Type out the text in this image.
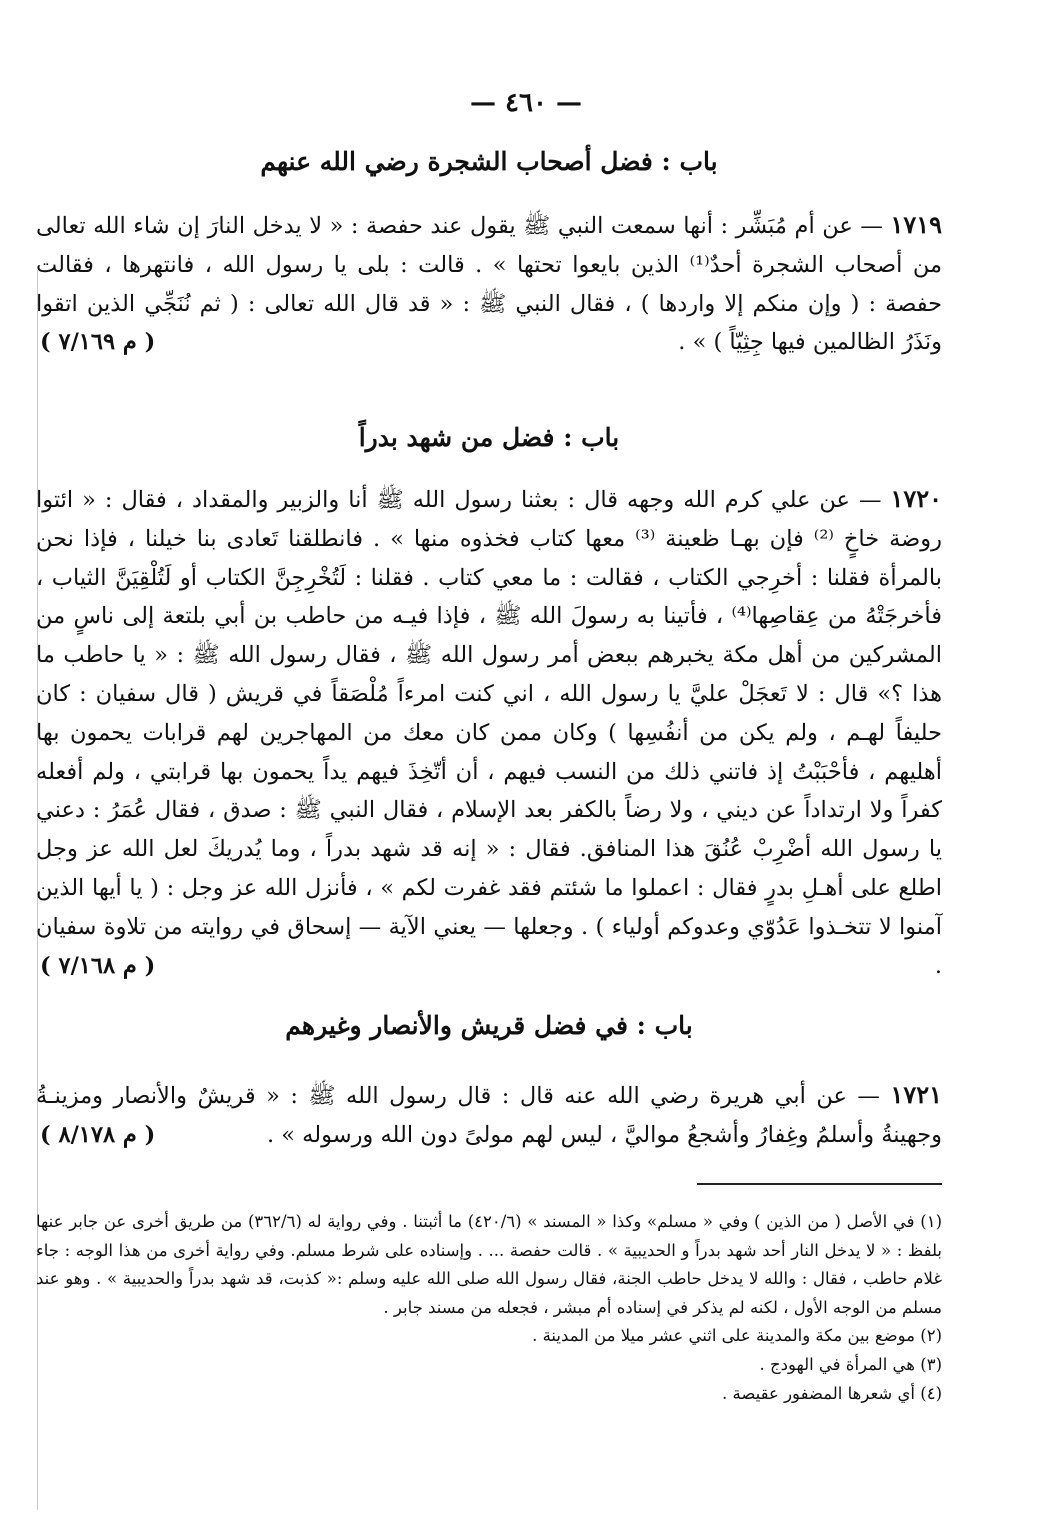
— ٤٦٠ —
باب : فضل أصحاب الشجرة رضي الله عنهم
١٧١٩ — عن أم مُبَشِّر : أنها سمعت النبي ﷺ يقول عند حفصة : « لا يدخل النارَ إن شاء الله تعالى من أصحاب الشجرة أحدٌ⁽¹⁾ الذين بايعوا تحتها » . قالت : بلى يا رسول الله ، فانتهرها ، فقالت حفصة : ( وإن منكم إلا واردها ) ، فقال النبي ﷺ : « قد قال الله تعالى : ( ثم نُنَجِّي الذين اتقوا ونَذَرُ الظالمين فيها جِثِيّاً ) » .
( م ٧/١٦٩ )
باب : فضل من شهد بدراً
١٧٢٠ — عن علي كرم الله وجهه قال : بعثنا رسول الله ﷺ أنا والزبير والمقداد ، فقال : « ائتوا روضة خاخٍ ⁽²⁾ فإن بهـا ظعينة ⁽³⁾ معها كتاب فخذوه منها » . فانطلقنا تَعادى بنا خيلنا ، فإذا نحن بالمرأة فقلنا : أخرِجي الكتاب ، فقالت : ما معي كتاب . فقلنا : لَتُخْرِجِنَّ الكتاب أو لَتُلْقِيَنَّ الثياب ، فأخرجَتْهُ من عِقاصِها⁽⁴⁾ ، فأتينا به رسولَ الله ﷺ ، فإذا فيـه من حاطب بن أبي بلتعة إلى ناسٍ من المشركين من أهل مكة يخبرهم ببعض أمر رسول الله ﷺ ، فقال رسول الله ﷺ : « يا حاطب ما هذا ؟» قال : لا تَعجَلْ عليَّ يا رسول الله ، اني كنت امرءاً مُلْصَقاً في قريش ( قال سفيان : كان حليفاً لهـم ، ولم يكن من أنفُسِها ) وكان ممن كان معك من المهاجرين لهم قرابات يحمون بها أهليهم ، فأحْبَبْتُ إذ فاتني ذلك من النسب فيهم ، أن أتّخِذَ فيهم يداً يحمون بها قرابتي ، ولم أفعله كفراً ولا ارتداداً عن ديني ، ولا رضاً بالكفر بعد الإسلام ، فقال النبي ﷺ : صدق ، فقال عُمَرُ : دعني يا رسول الله أضْرِبْ عُنُقَ هذا المنافق. فقال : « إنه قد شهد بدراً ، وما يُدريكَ لعل الله عز وجل اطلع على أهـلِ بدرٍ فقال : اعملوا ما شئتم فقد غفرت لكم » ، فأنزل الله عز وجل : ( يا أيها الذين آمنوا لا تتخـذوا عَدُوّي وعدوكم أولياء ) . وجعلها — يعني الآية — إسحاق في روايته من تلاوة سفيان .
( م ٧/١٦٨ )
باب : في فضل قريش والأنصار وغيرهم
١٧٢١ — عن أبي هريرة رضي الله عنه قال : قال رسول الله ﷺ : « قريشٌ والأنصار ومزينـةُ وجهينةُ وأسلمُ وغِفارُ وأشجعُ مواليَّ ، ليس لهم مولىً دون الله ورسوله » .
( م ٨/١٧٨ )

(١) في الأصل ( من الذين ) وفي « مسلم» وكذا « المسند » (٤٢٠/٦) ما أثبتنا . وفي رواية له (٣٦٢/٦) من طريق أخرى عن جابر عنها بلفظ : « لا يدخل النار أحد شهد بدراً و الحديبية » . قالت حفصة ... . وإسناده على شرط مسلم. وفي رواية أخرى من هذا الوجه : جاء غلام حاطب ، فقال : والله لا يدخل حاطب الجنة، فقال رسول الله صلى الله عليه وسلم :« كذبت، قد شهد بدراً والحديبية » . وهو عند مسلم من الوجه الأول ، لكنه لم يذكر في إسناده أم مبشر ، فجعله من مسند جابر .

(٢) موضع بين مكة والمدينة على اثني عشر ميلا من المدينة .

(٣) هي المرأة في الهودج .

(٤) أي شعرها المضفور عقيصة .
